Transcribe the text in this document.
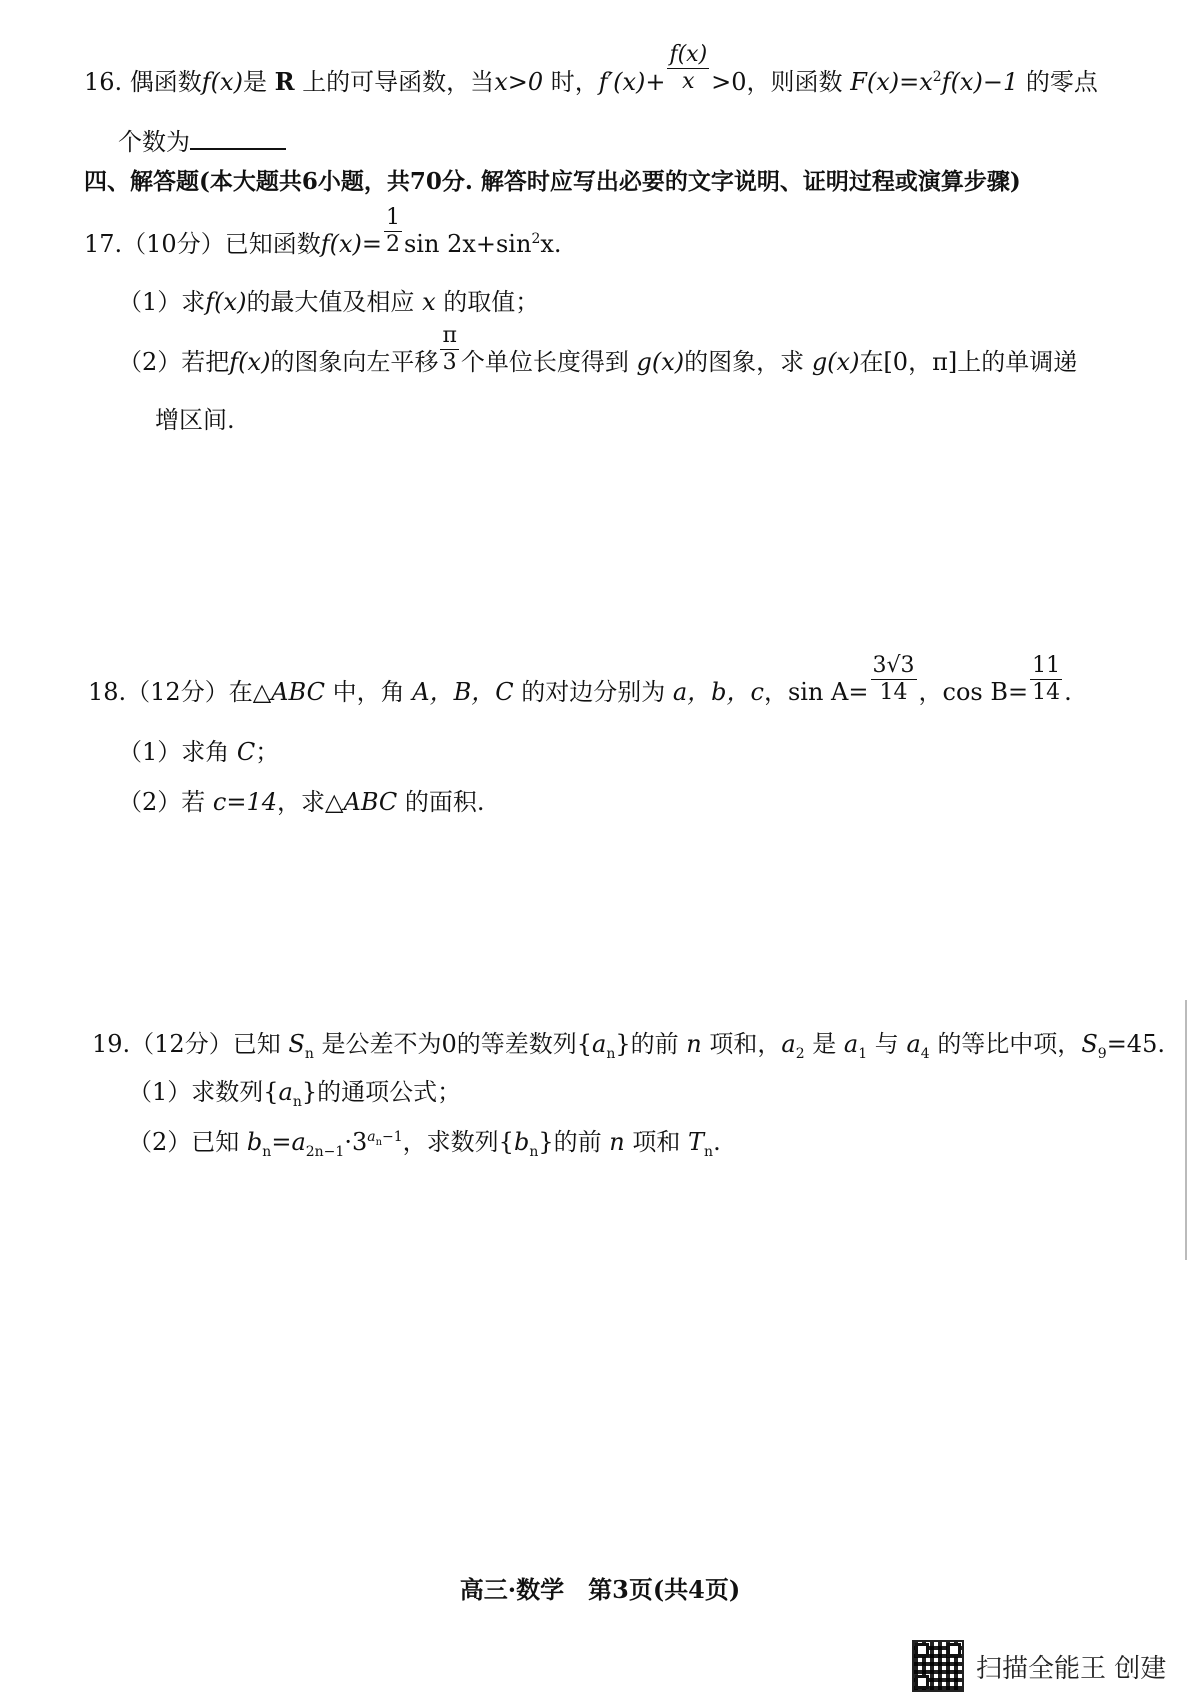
16. 偶函数f(x)是 R 上的可导函数，当x>0 时，$f'(x)+ \frac{f(x)}{x} >0$，则函数 $F(x)=x^2f(x)-1$ 的零点
个数为
四、解答题(本大题共6小题，共70分. 解答时应写出必要的文字说明、证明过程或演算步骤)
17.（10分）已知函数$f(x)= \frac{1}{2}$ $\sin 2x+\sin^2x$.
（1）求f(x)的最大值及相应 x 的取值；
（2）若把f(x)的图象向左平移 $\frac{\pi}{3}$ 个单位长度得到 g(x)的图象，求 g(x)在[0，π]上的单调递
增区间.
18.（12分）在△ABC 中，角 A，B，C 的对边分别为 a，b，c，$\sin A= \frac{3√3}{14}$ ，$\cos B= \frac{11}{14}$ .
（1）求角 C；
（2）若 c=14，求△ABC 的面积.
19.（12分）已知 $S_n$ 是公差不为0的等差数列$\{a_n\}$的前 n 项和，$a_2$ 是 $a_1$ 与 $a_4$ 的等比中项，$S_9=45$.
（1）求数列$\{a_n\}$的通项公式；
（2）已知 $b_n=a_{2n-1}\cdot 3^{a_n-1}$，求数列$\{b_n\}$的前 n 项和 $T_n$.
高三·数学　第3页(共4页)
扫描全能王 创建
